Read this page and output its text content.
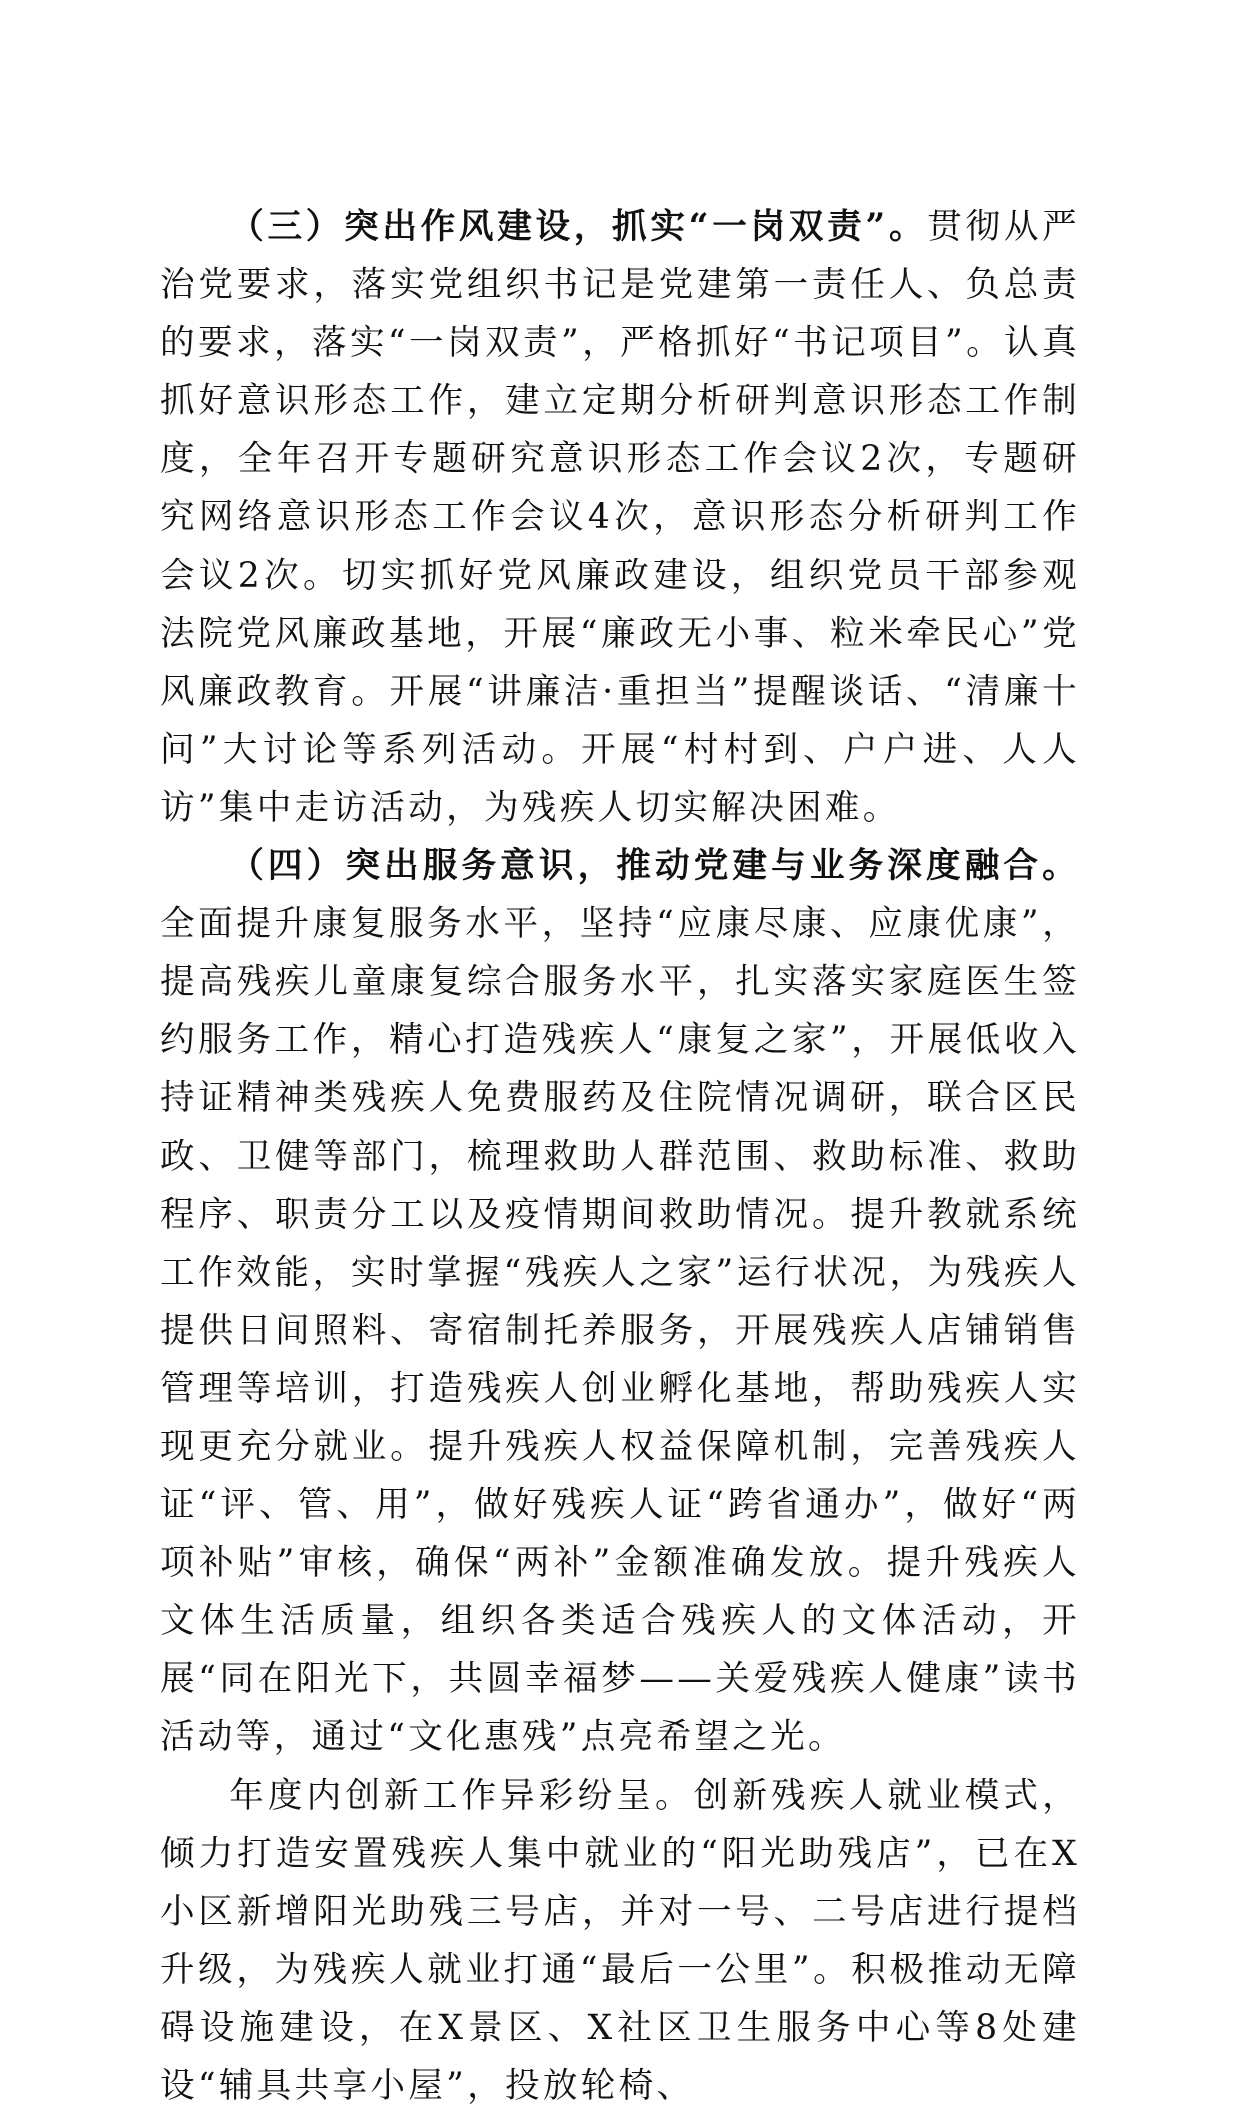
（三）突出作风建设，抓实“一岗双责”。贯彻从严治党要求，落实党组织书记是党建第一责任人、负总责的要求，落实“一岗双责”，严格抓好“书记项目”。认真抓好意识形态工作，建立定期分析研判意识形态工作制度，全年召开专题研究意识形态工作会议2次，专题研究网络意识形态工作会议4次，意识形态分析研判工作会议2次。切实抓好党风廉政建设，组织党员干部参观法院党风廉政基地，开展“廉政无小事、粒米牵民心”党风廉政教育。开展“讲廉洁·重担当”提醒谈话、“清廉十问”大讨论等系列活动。开展“村村到、户户进、人人访”集中走访活动，为残疾人切实解决困难。

（四）突出服务意识，推动党建与业务深度融合。全面提升康复服务水平，坚持“应康尽康、应康优康”，提高残疾儿童康复综合服务水平，扎实落实家庭医生签约服务工作，精心打造残疾人“康复之家”，开展低收入持证精神类残疾人免费服药及住院情况调研，联合区民政、卫健等部门，梳理救助人群范围、救助标准、救助程序、职责分工以及疫情期间救助情况。提升教就系统工作效能，实时掌握“残疾人之家”运行状况，为残疾人提供日间照料、寄宿制托养服务，开展残疾人店铺销售管理等培训，打造残疾人创业孵化基地，帮助残疾人实现更充分就业。提升残疾人权益保障机制，完善残疾人证“评、管、用”，做好残疾人证“跨省通办”，做好“两项补贴”审核，确保“两补”金额准确发放。提升残疾人文体生活质量，组织各类适合残疾人的文体活动，开展“同在阳光下，共圆幸福梦——关爱残疾人健康”读书活动等，通过“文化惠残”点亮希望之光。

年度内创新工作异彩纷呈。创新残疾人就业模式，倾力打造安置残疾人集中就业的“阳光助残店”，已在X小区新增阳光助残三号店，并对一号、二号店进行提档升级，为残疾人就业打通“最后一公里”。积极推动无障碍设施建设，在X景区、X社区卫生服务中心等8处建设“辅具共享小屋”，投放轮椅、
